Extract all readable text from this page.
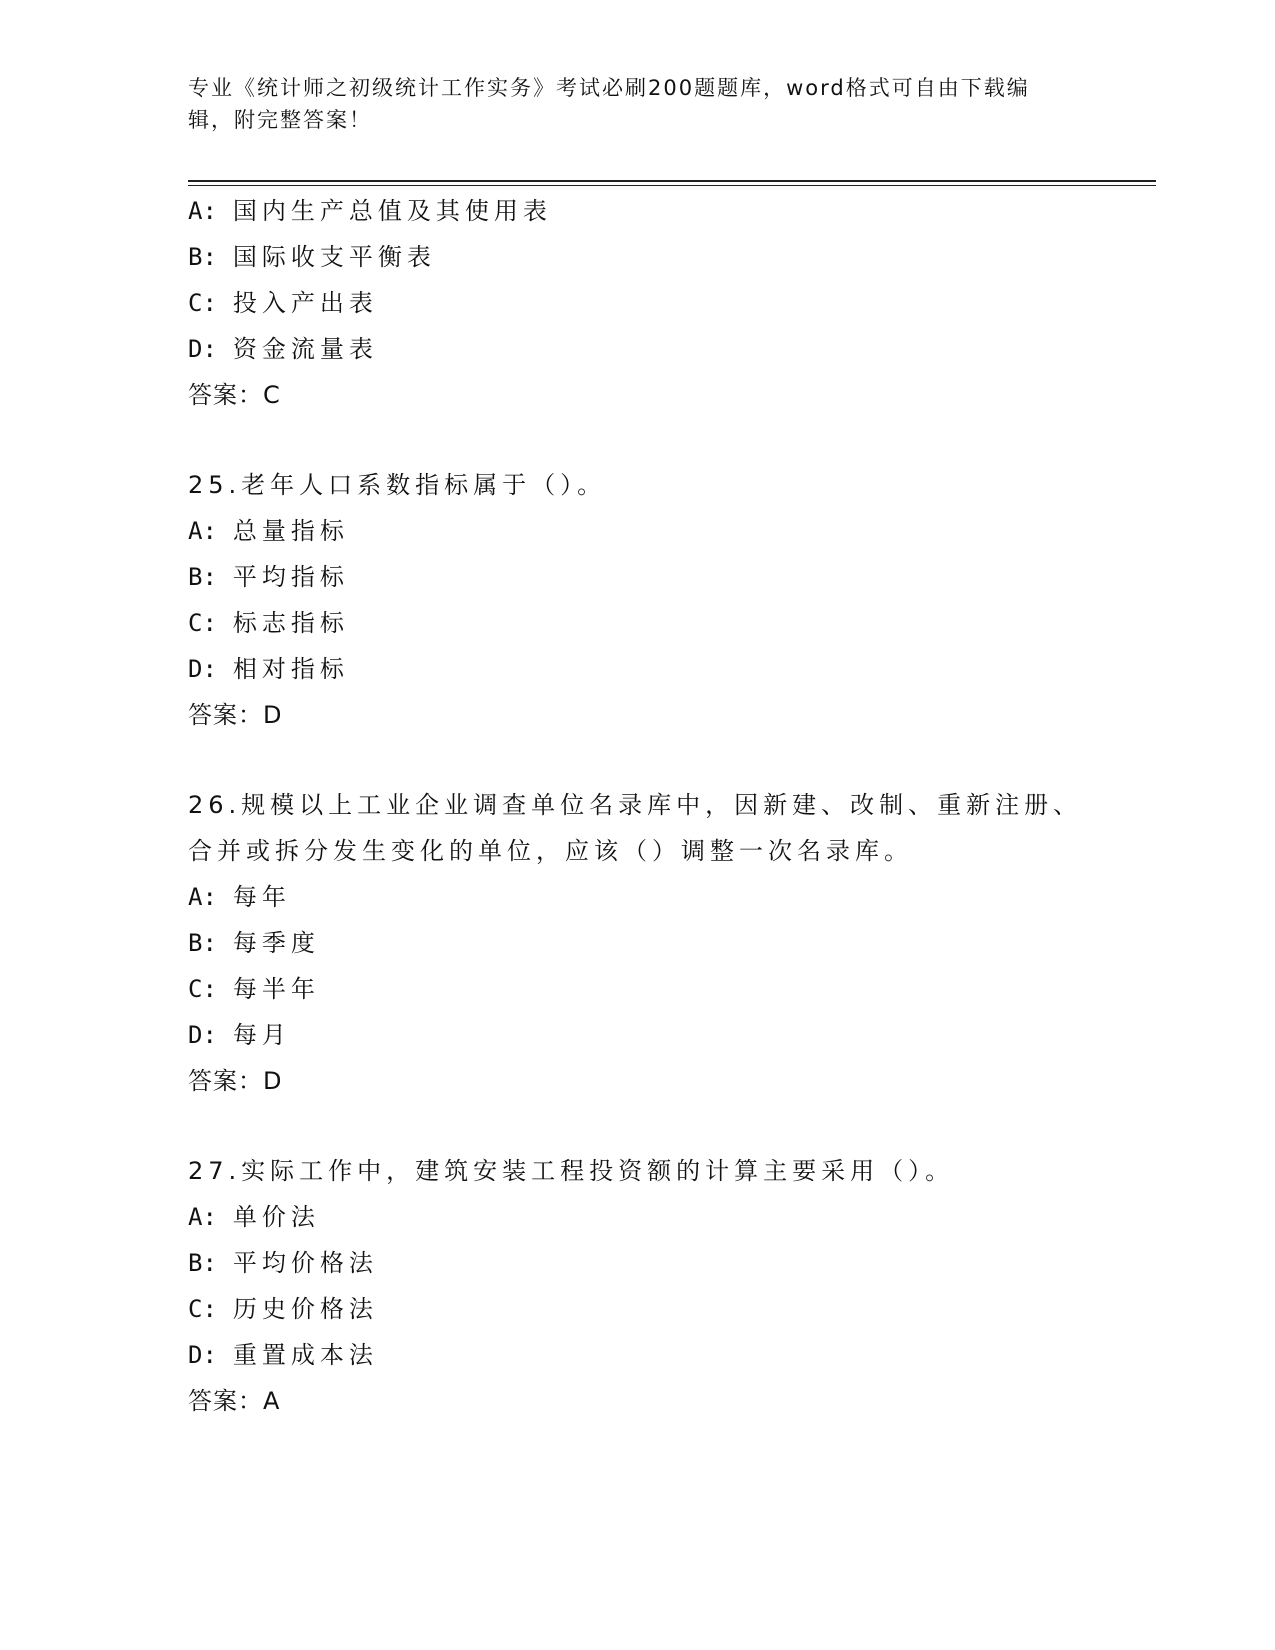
专业《统计师之初级统计工作实务》考试必刷200题题库，word格式可自由下载编辑，附完整答案！
A: 国内生产总值及其使用表
B: 国际收支平衡表
C: 投入产出表
D: 资金流量表
答案：C
25.老年人口系数指标属于（）。
A: 总量指标
B: 平均指标
C: 标志指标
D: 相对指标
答案：D
26.规模以上工业企业调查单位名录库中，因新建、改制、重新注册、合并或拆分发生变化的单位，应该（）调整一次名录库。
A: 每年
B: 每季度
C: 每半年
D: 每月
答案：D
27.实际工作中，建筑安装工程投资额的计算主要采用（）。
A: 单价法
B: 平均价格法
C: 历史价格法
D: 重置成本法
答案：A
